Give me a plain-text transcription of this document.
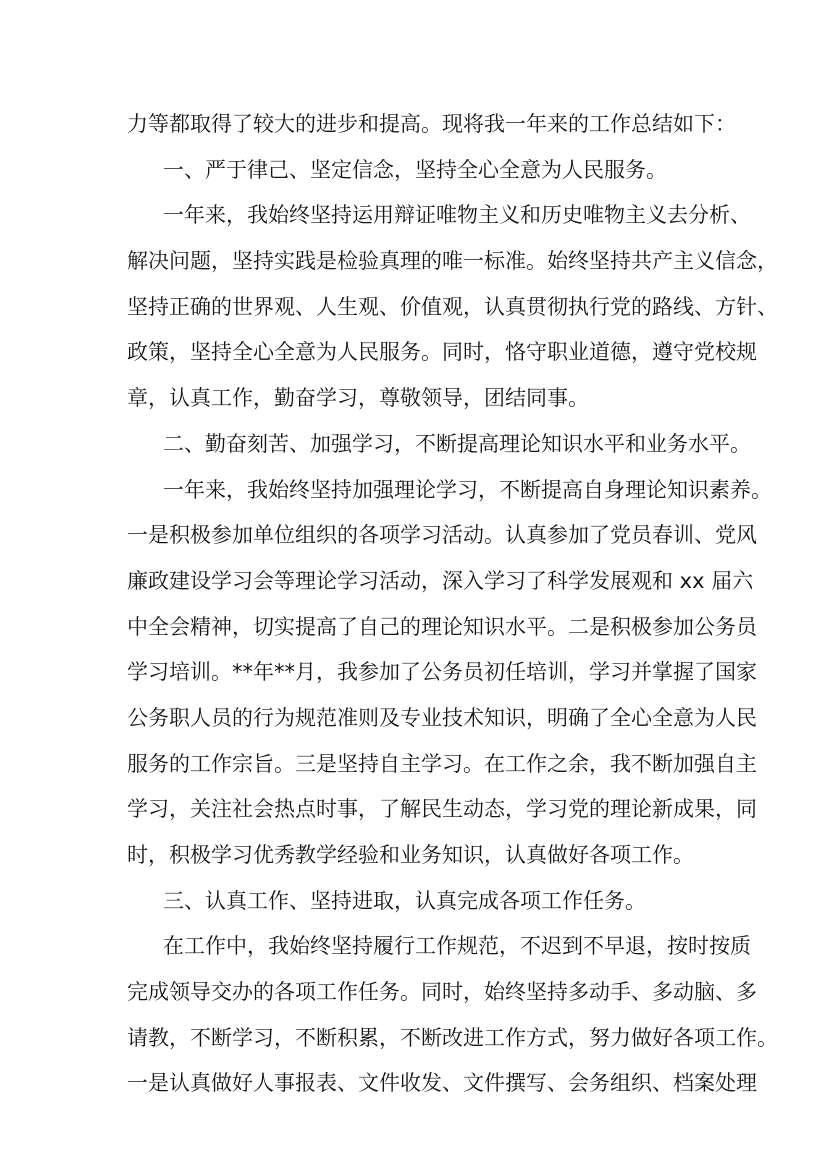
力等都取得了较大的进步和提高。现将我一年来的工作总结如下：
一、严于律己、坚定信念，坚持全心全意为人民服务。
一年来，我始终坚持运用辩证唯物主义和历史唯物主义去分析、
解决问题，坚持实践是检验真理的唯一标准。始终坚持共产主义信念，
坚持正确的世界观、人生观、价值观，认真贯彻执行党的路线、方针、
政策，坚持全心全意为人民服务。同时，恪守职业道德，遵守党校规
章，认真工作，勤奋学习，尊敬领导，团结同事。
二、勤奋刻苦、加强学习，不断提高理论知识水平和业务水平。
一年来，我始终坚持加强理论学习，不断提高自身理论知识素养。
一是积极参加单位组织的各项学习活动。认真参加了党员春训、党风
廉政建设学习会等理论学习活动，深入学习了科学发展观和 xx 届六
中全会精神，切实提高了自己的理论知识水平。二是积极参加公务员
学习培训。**年**月，我参加了公务员初任培训，学习并掌握了国家
公务职人员的行为规范准则及专业技术知识，明确了全心全意为人民
服务的工作宗旨。三是坚持自主学习。在工作之余，我不断加强自主
学习，关注社会热点时事，了解民生动态，学习党的理论新成果，同
时，积极学习优秀教学经验和业务知识，认真做好各项工作。
三、认真工作、坚持进取，认真完成各项工作任务。
在工作中，我始终坚持履行工作规范，不迟到不早退，按时按质
完成领导交办的各项工作任务。同时，始终坚持多动手、多动脑、多
请教，不断学习，不断积累，不断改进工作方式，努力做好各项工作。
一是认真做好人事报表、文件收发、文件撰写、会务组织、档案处理
